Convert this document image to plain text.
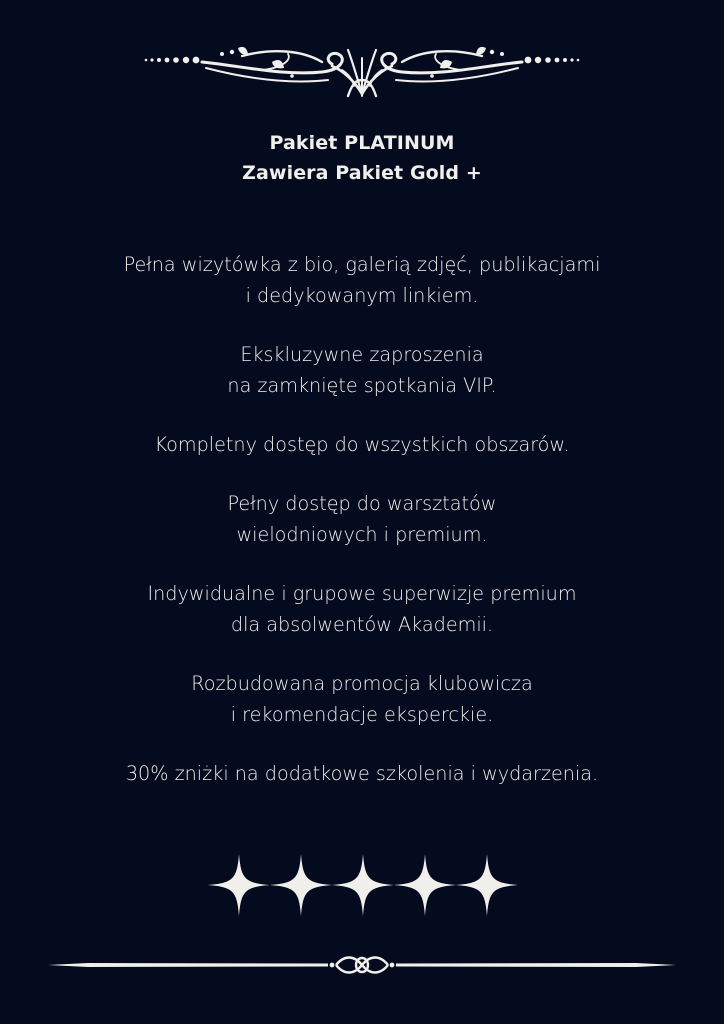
Pakiet PLATINUM
Zawiera Pakiet Gold +
Pełna wizytówka z bio, galerią zdjęć, publikacjami
i dedykowanym linkiem.
Ekskluzywne zaproszenia
na zamknięte spotkania VIP.
Kompletny dostęp do wszystkich obszarów.
Pełny dostęp do warsztatów
wielodniowych i premium.
Indywidualne i grupowe superwizje premium
dla absolwentów Akademii.
Rozbudowana promocja klubowicza
i rekomendacje eksperckie.
30% zniżki na dodatkowe szkolenia i wydarzenia.
